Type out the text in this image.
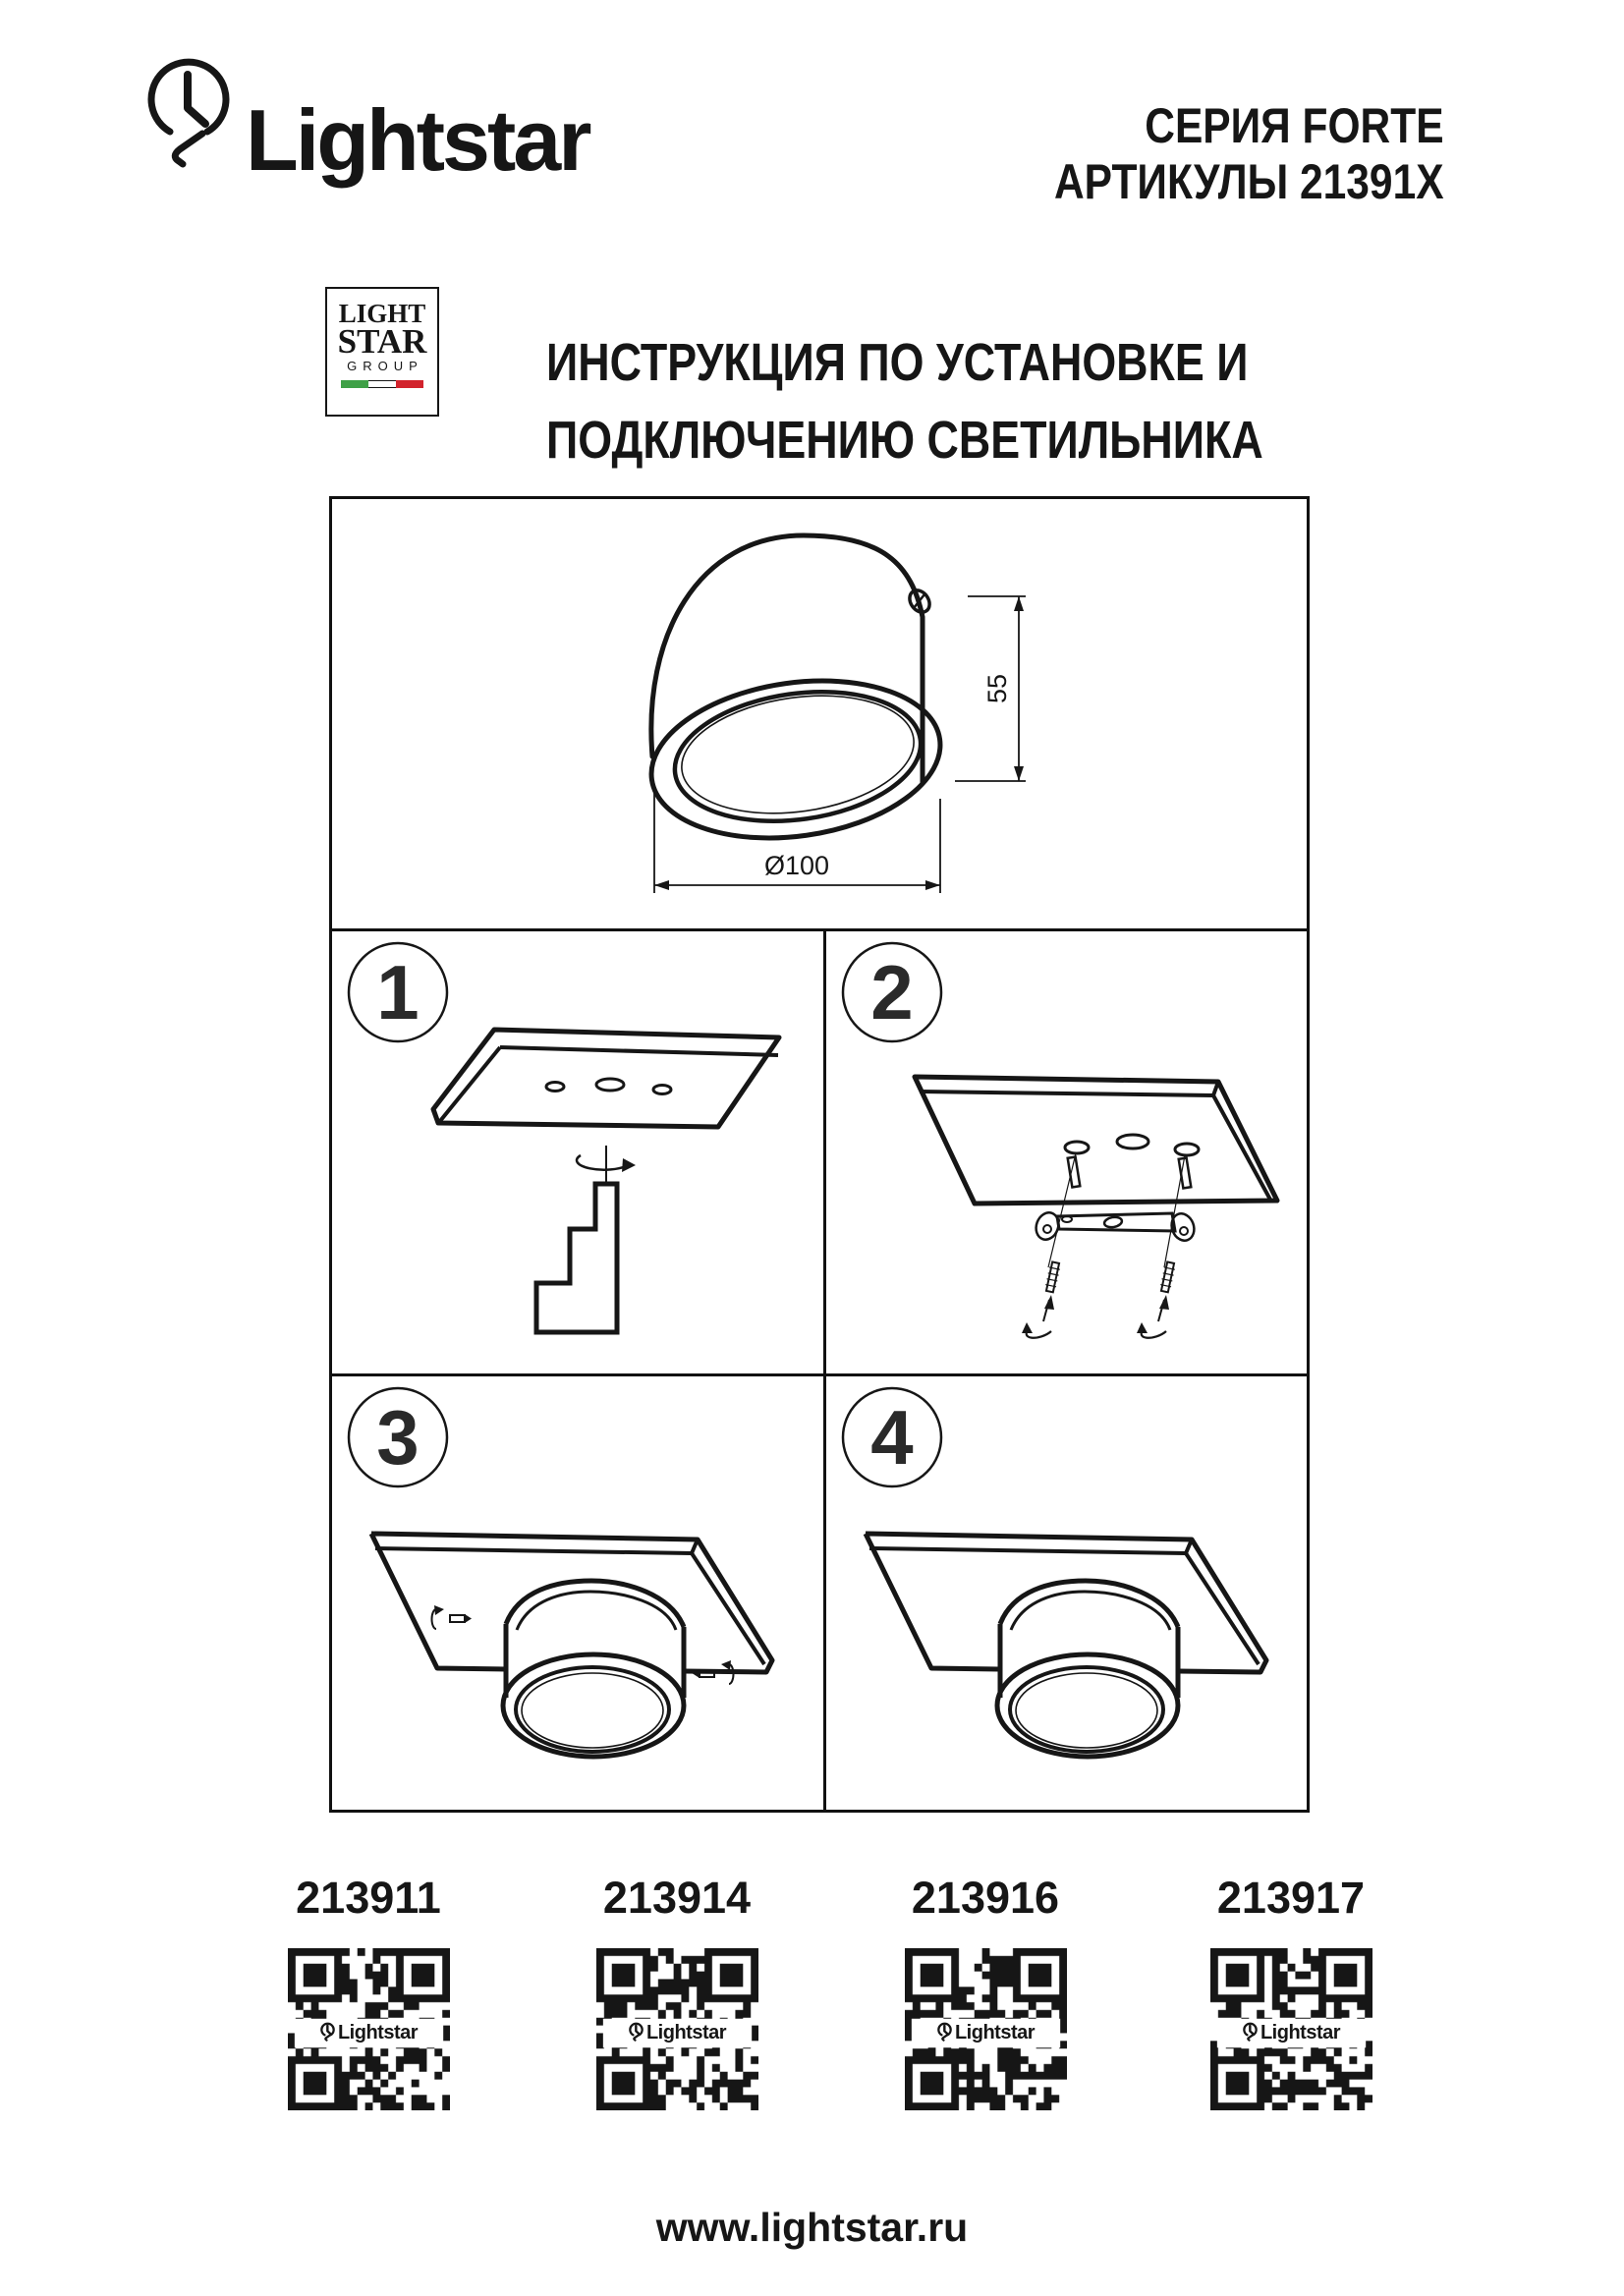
Lightstar	СЕРИЯ FORTE
АРТИКУЛЫ 21391X
LIGHT
STAR
GROUP ИНСТРУКЦИЯ ПО УСТАНОВКЕ И
ПОДКЛЮЧЕНИЮ СВЕТИЛЬНИКА
55
Ø100
1	2
3	4
213911	213914	213916	213917
Lightstar	Lightstar	Lightstar	Lightstar
www.lightstar.ru
